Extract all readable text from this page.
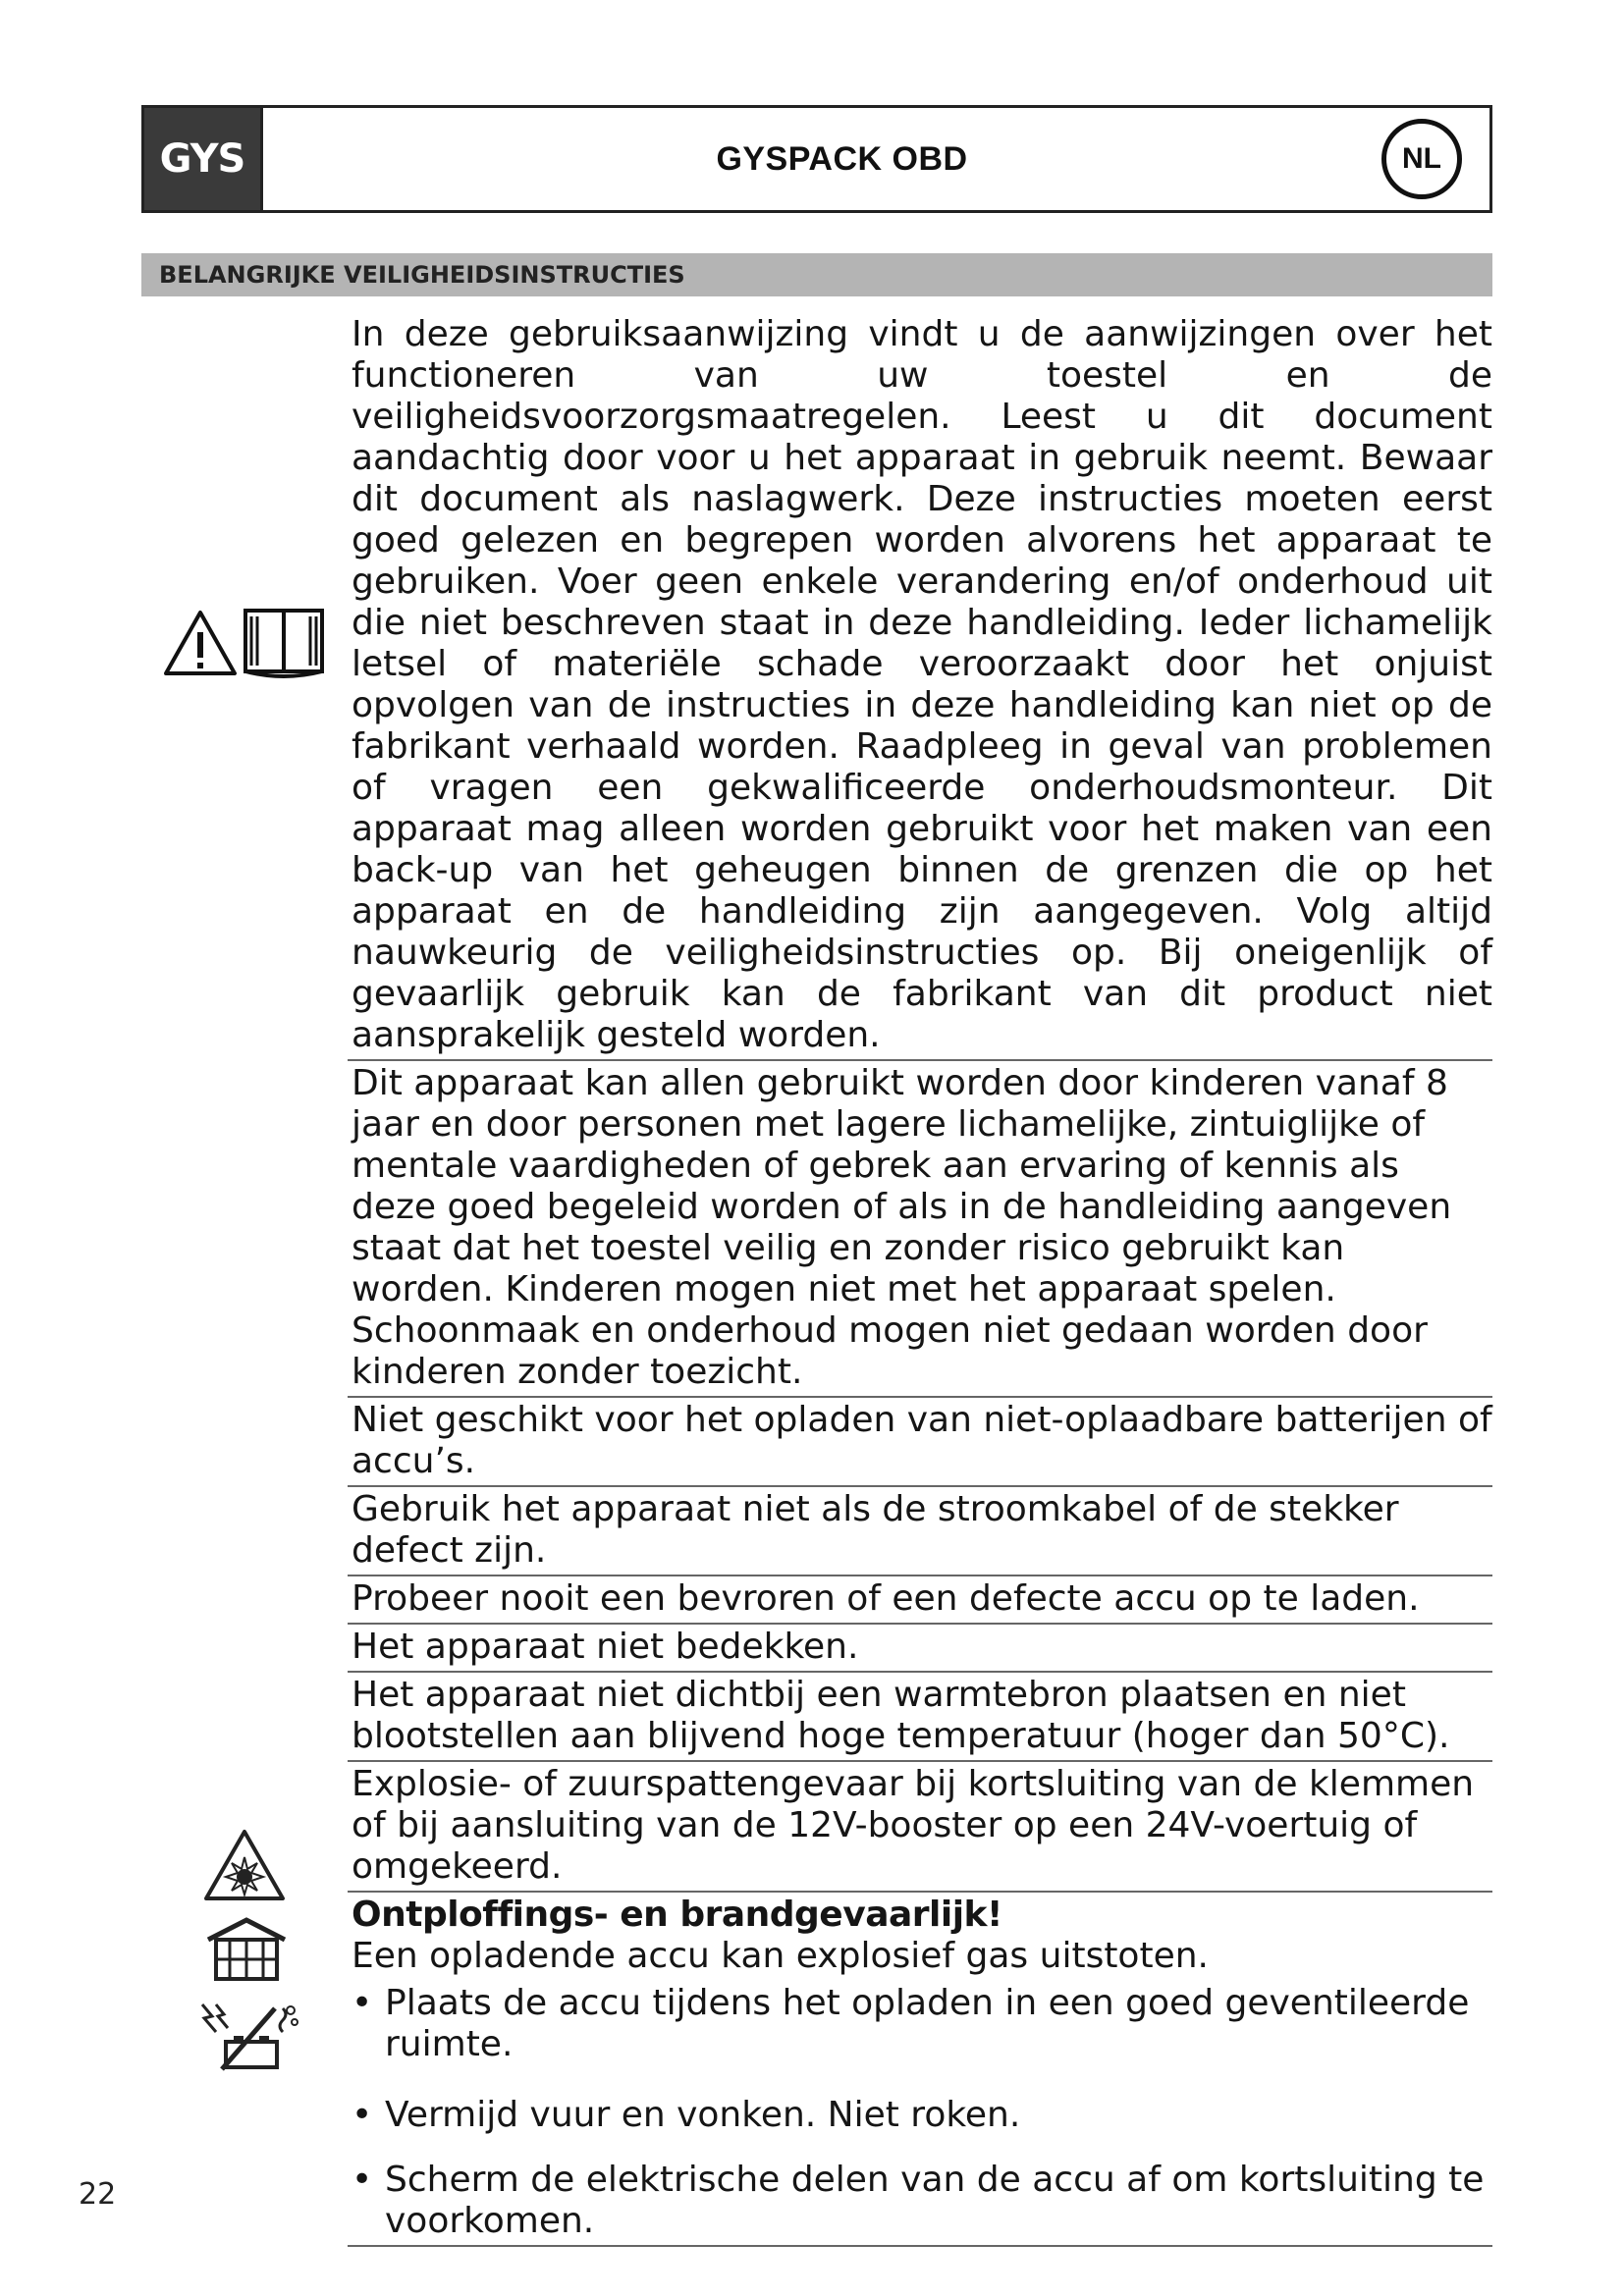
GYS	GYSPACK OBD	NL
BELANGRIJKE VEILIGHEIDSINSTRUCTIES

In deze gebruiksaanwijzing vindt u de aanwijzingen over het functioneren van uw toestel en de veiligheidsvoorzorgsmaatregelen. Leest u dit document aandachtig door voor u het apparaat in gebruik neemt. Bewaar dit document als naslagwerk. Deze instructies moeten eerst goed gelezen en begrepen worden alvorens het apparaat te gebruiken. Voer geen enkele verandering en/of onderhoud uit die niet beschreven staat in deze handleiding. Ieder lichamelijk letsel of materiële schade veroorzaakt door het onjuist opvolgen van de instructies in deze handleiding kan niet op de fabrikant verhaald worden. Raadpleeg in geval van problemen of vragen een gekwalificeerde onderhoudsmonteur. Dit apparaat mag alleen worden gebruikt voor het maken van een back-up van het geheugen binnen de grenzen die op het apparaat en de handleiding zijn aangegeven. Volg altijd nauwkeurig de veiligheidsinstructies op. Bij oneigenlijk of gevaarlijk gebruik kan de fabrikant van dit product niet aansprakelijk gesteld worden.

Dit apparaat kan allen gebruikt worden door kinderen vanaf 8 jaar en door personen met lagere lichamelijke, zintuiglijke of mentale vaardigheden of gebrek aan ervaring of kennis als deze goed begeleid worden of als in de handleiding aangeven staat dat het toestel veilig en zonder risico gebruikt kan worden. Kinderen mogen niet met het apparaat spelen. Schoonmaak en onderhoud mogen niet gedaan worden door kinderen zonder toezicht.

Niet geschikt voor het opladen van niet-oplaadbare batterijen of accu’s.

Gebruik het apparaat niet als de stroomkabel of de stekker defect zijn.

Probeer nooit een bevroren of een defecte accu op te laden.

Het apparaat niet bedekken.

Het apparaat niet dichtbij een warmtebron plaatsen en niet blootstellen aan blijvend hoge temperatuur (hoger dan 50°C).

Explosie- of zuurspattengevaar bij kortsluiting van de klemmen of bij aansluiting van de 12V-booster op een 24V-voertuig of omgekeerd.

Ontploffings- en brandgevaarlijk!
Een opladende accu kan explosief gas uitstoten.
• Plaats de accu tijdens het opladen in een goed geventileerde ruimte.
• Vermijd vuur en vonken. Niet roken.
• Scherm de elektrische delen van de accu af om kortsluiting te voorkomen.
22
